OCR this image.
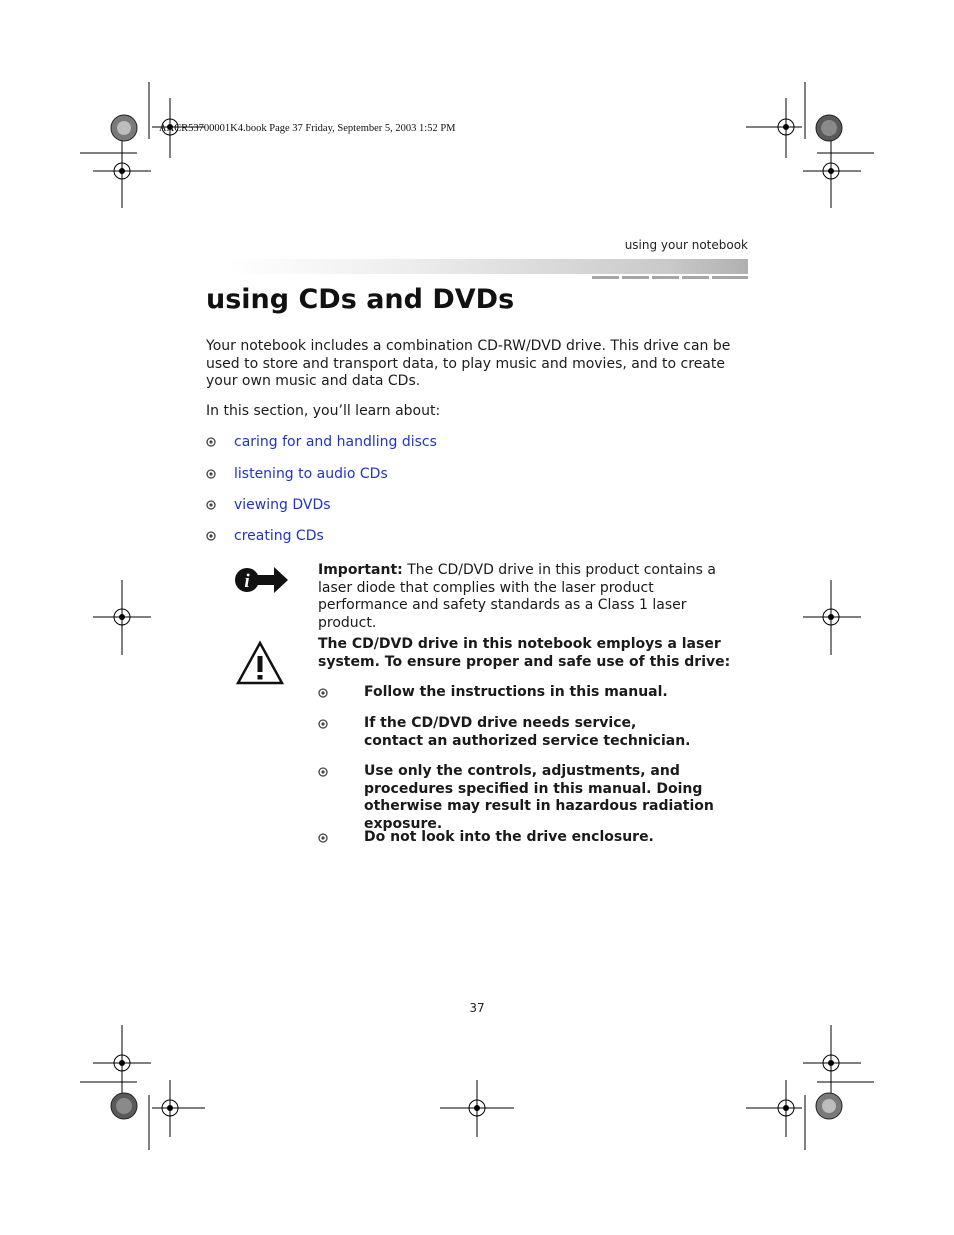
AACR53700001K4.book Page 37 Friday, September 5, 2003 1:52 PM
using your notebook
using CDs and DVDs

Your notebook includes a combination CD-RW/DVD drive. This drive can be used to store and transport data, to play music and movies, and to create your own music and data CDs.

In this section, you’ll learn about:

caring for and handling discs
listening to audio CDs
viewing DVDs
creating CDs
i

Important: The CD/DVD drive in this product contains a laser diode that complies with the laser product performance and safety standards as a Class 1 laser product.

The CD/DVD drive in this notebook employs a laser system. To ensure proper and safe use of this drive:

Follow the instructions in this manual.
If the CD/DVD drive needs service, contact an authorized service technician.
Use only the controls, adjustments, and procedures specified in this manual. Doing otherwise may result in hazardous radiation exposure.
Do not look into the drive enclosure.
37
